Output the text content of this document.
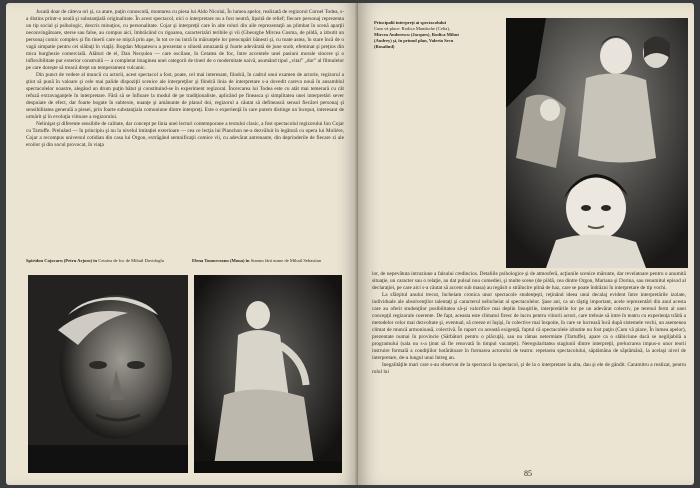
Jucată doar de câteva ori şi, ca atare, puţin cunoscută, montarea cu piesa lui Aldo Nicolai, În lumea apelor, realizată de regizorul Cornel Todea, s-a distins printr-o nealâ şi substanţială originalitate. În acest spectacol, nici o interpretare nu a fost neutră, lipsită de relief; fiecare personaj reprezenta un tip social şi psihologic, descris minuţios, cu personalitate. Cojar şi interpreţii care în alte roluri din aile reprezentaţii au plimbat în scenă aparţii neconvingătoare, sterse sau false, au compus aici, îmbrăcând cu rigoarea, caracterizări teribile şi vii (Gheorghe Mircea Cosma, de pildă, a izbutit un personaj comic complex şi fin tinerii care se mişcă prin ape, în tot ce nu intră în mărunţele lor preocupări bănesti şi, cu toate astea, în stare încă de o vagă simpatie pentru cei slăbuţi în viaţă). Bogdan Mușatescu a prezentat o siluetă amuzantă şi foarte adevărată de june snob, efeminat şi preţios din mica burghezie comercială. Alături de el, Dan Necșulea — care oscilase, în Cetatea de foc, între accentele unei pasiuni morale sincere şi o inflexibilitate pur exterior construită — a completat imaginea unei categorii de tineri de o modernitate naivă, asumând tipul „vital” „dur” al filmulelor pe care doreşte să treacă drept un temperament vulcanic.

Din punct de vedere al muncii cu actorii, acest spectacol a fost, poate, cel mai interesant, fiindcă, în cadrul unui examen de actorie, regizorul a ştiut să pună în valoare şi cele mai palide dispoziţii scenice ale interpreţilor şi fiindcă linia de interpretare s-a dovedit careva nouă în ansamblul spectacolelor noastre, alegând un drum puţin bătut şi constituind-se în experiment regizoral. Încercarea lui Todea este cu atât mai temerară cu cât refuză extravaganţele în interpretare. Fără să se înfioare la modul de pe tradiţionaliste, aplicând pe fineasca şi simplitatea unei interpretări sever despuiate de efect, dar foarte bogate în subtexte, nuanţe şi amănunte de planul doi, regizorul a căutat să definească sensul fiecărei personaj şi sensibilitatea generală a piesei, prin foarte substanţiala comuniune dintre interpreţi. Este o experienţă în care putem distinge un început, interesant de urmărit şi în evoluţia viitoare a regizorului.

Nelinişat şi diferente sensibile de calitate, dar concept pe linia unei lecturi contemporane a textului clasic, a fost spectacolul regizorului Ion Cojar cu Tartuffe. Preluând — în principiu şi nu la nivelul imitaţiei exterioare — cea ce lecţia lui Planchon ne-a dezvăluit în legătură cu opera lui Molière, Cojar a recompus universul cotidian din casa lui Orgon, extrăgând semnificaţii comice vii, cu adevărat antrenante, din deprinderile de fiecare zi ale eroilor şi din socul provocat, în viaţa

Spiridon Cojocaru (Petru Arjoro) în Cetatea de foc de Mihail Davidoglu	Elena Tomorceanu (Mona) în Stamm fără nume de Mihail Sebastian
Principalii interpreţi ai spectacolului
Cum vă place: Rodica Mandache (Celia),
Mircea Anderescu (Jacques), Rodica Mihut
(Audrey) şi, în primul plan, Valeria Secu
(Rosalind)

lor, de nepevătuta intruziune a falsului credincios. Detaliile psihologice şi de atmosferă, acţiunile scenice mărunte, dar revelatoare pentru o anumită situaţie, un caracter sau o relaţie, au dat pulsul nou comediei, şi multe scene (de pildă, cea dintre Orgon, Mariana şi Dorina, sau renumitul episod al declaraţiei, pe care aici s-a căutat să accent sub masa) au regăsit o strălucire plină de haz, care se poate îndrăzni în interpretare de tip vochi.

La sfârşitul anului trecut, încheiam cronica unor spectacole studenţeşti, reţinând ideea unui decalaj evident între interpretările izolate, individuale ale absolvenţilor talentaţi şi caracterul neîncheiat al spectacolelor. Şase ani, ca un râştig important, acele reprezentări din anul acesta care au oferit studenţilor posibilitatea să-şi valorifice mai deplin însuşirile, interpretările lor pe un adevărat colectiv, pe terenul ferm al unei concepţii regizorale coerente. De fapt, aceasta este climatul firesc de lucru pentru viitorii actori, care trebuie să intre în teatru cu experienţa trăită a metodelor celor mai dezvoltate şi, eventual, să creeze ei înşişi, în colective mai înspoite, în care se lucrează încă după sistemele vechi, un asemenea climat de muncă armonioasă, colectivă. În raport cu această exigenţă, faptul că spectacolele izbutite nu fost puţin (Cum vă place, În lumea apelor), prezentate numai în provincie (Sărbători pentru o plăcuţă), sau nu rămas netermiate (Tartuffe), apare ca o slăbiciune dacă se neglijabilă a programului (sala nu s-a ţinut să fie renovată în timpul vacanţei). Neregularitatea stagiunii dintre interpreţii, prelucrarea impus-o unor teorii instruire formală a condiţiilor hotărâtoare în formarea actorului de teatru: repetarea spectacolului, săptămâna de săptămână, la acelaşi nivel de interpretare, de-a lungul unui întreg an.

Inegalităţile mari care s-au observat de la spectacol la spectacol, şi de la o interpretare la alta, dau şi ele de gândit. Caramitru a realizat, pentru rolul lui

85
